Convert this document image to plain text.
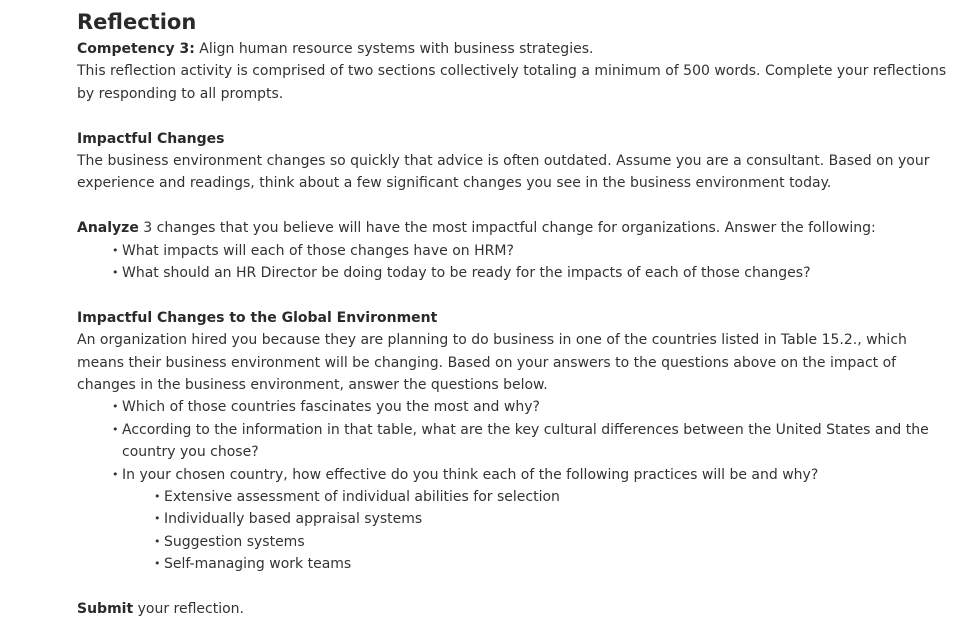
Reflection

Competency 3: Align human resource systems with business strategies.

This reflection activity is comprised of two sections collectively totaling a minimum of 500 words. Complete your reflections by responding to all prompts.

Impactful Changes

The business environment changes so quickly that advice is often outdated. Assume you are a consultant. Based on your experience and readings, think about a few significant changes you see in the business environment today.

Analyze 3 changes that you believe will have the most impactful change for organizations. Answer the following:

• What impacts will each of those changes have on HRM?
• What should an HR Director be doing today to be ready for the impacts of each of those changes?

Impactful Changes to the Global Environment

An organization hired you because they are planning to do business in one of the countries listed in Table 15.2., which means their business environment will be changing. Based on your answers to the questions above on the impact of changes in the business environment, answer the questions below.

• Which of those countries fascinates you the most and why?
• According to the information in that table, what are the key cultural differences between the United States and the country you chose?
• In your chosen country, how effective do you think each of the following practices will be and why?
• Extensive assessment of individual abilities for selection
• Individually based appraisal systems
• Suggestion systems
• Self-managing work teams

Submit your reflection.
